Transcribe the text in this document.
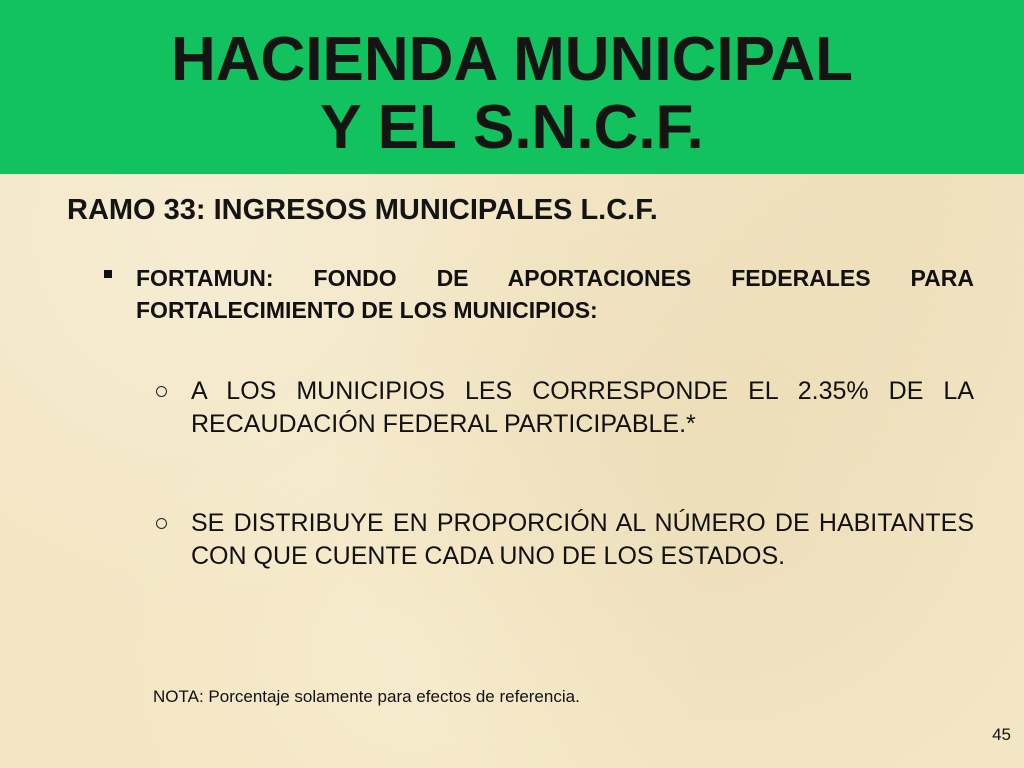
HACIENDA MUNICIPAL
Y EL S.N.C.F.
RAMO 33: INGRESOS MUNICIPALES L.C.F.
FORTAMUN: FONDO DE APORTACIONES FEDERALES PARA FORTALECIMIENTO DE LOS MUNICIPIOS:
A LOS MUNICIPIOS LES CORRESPONDE EL 2.35% DE LA RECAUDACIÓN FEDERAL PARTICIPABLE.*
SE DISTRIBUYE EN PROPORCIÓN AL NÚMERO DE HABITANTES CON QUE CUENTE CADA UNO DE LOS ESTADOS.

NOTA: Porcentaje solamente para efectos de referencia.

45
